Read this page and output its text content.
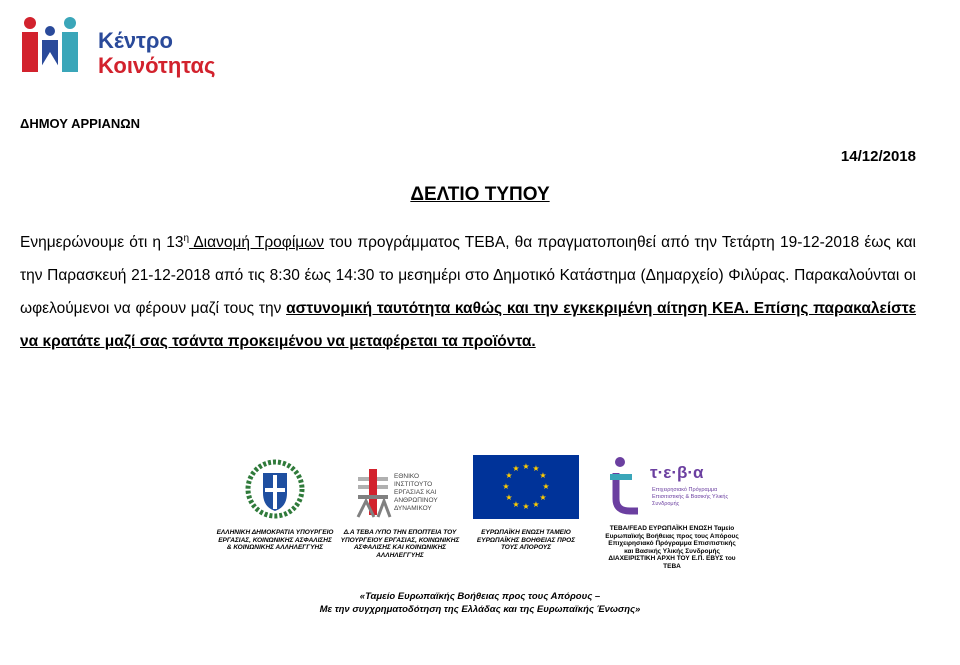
Κέντρο
Κοινότητας
ΔΗΜΟΥ ΑΡΡΙΑΝΩΝ
14/12/2018
ΔΕΛΤΙΟ ΤΥΠΟΥ
Ενημερώνουμε ότι η $13^\eta$ Διανομή Τροφίμων του προγράμματος ΤΕΒΑ, θα πραγματοποιηθεί από την Τετάρτη 19-12-2018 έως και την Παρασκευή 21-12-2018 από τις 8:30 έως 14:30 το μεσημέρι στο Δημοτικό Κατάστημα (Δημαρχείο) Φιλύρας. Παρακαλούνται οι ωφελούμενοι να φέρουν μαζί τους την αστυνομική ταυτότητα καθώς και την εγκεκριμένη αίτηση ΚΕΑ. Επίσης παρακαλείστε να κρατάτε μαζί σας τσάντα προκειμένου να μεταφέρεται τα προϊόντα.
ΕΛΛΗΝΙΚΗ ΔΗΜΟΚΡΑΤΙΑ ΥΠΟΥΡΓΕΙΟ ΕΡΓΑΣΙΑΣ, ΚΟΙΝΩΝΙΚΗΣ ΑΣΦΑΛΙΣΗΣ & ΚΟΙΝΩΝΙΚΗΣ ΑΛΛΗΛΕΓΓΥΗΣ
ΕΘΝΙΚΟ ΙΝΣΤΙΤΟΥΤΟ ΕΡΓΑΣΙΑΣ ΚΑΙ ΑΝΘΡΩΠΙΝΟΥ ΔΥΝΑΜΙΚΟΥ
Δ.Α ΤΕΒΑ /ΥΠΟ ΤΗΝ ΕΠΟΠΤΕΙΑ ΤΟΥ ΥΠΟΥΡΓΕΙΟΥ ΕΡΓΑΣΙΑΣ, ΚΟΙΝΩΝΙΚΗΣ ΑΣΦΑΛΙΣΗΣ ΚΑΙ ΚΟΙΝΩΝΙΚΗΣ ΑΛΛΗΛΕΓΓΥΗΣ
★ ★
★
★
★
★
★
★
★
★
★
★
ΕΥΡΩΠΑΪΚΗ ΕΝΩΣΗ ΤΑΜΕΙΟ ΕΥΡΩΠΑΪΚΗΣ ΒΟΗΘΕΙΑΣ ΠΡΟΣ ΤΟΥΣ ΑΠΟΡΟΥΣ
τ·ε·β·α
Επιχειρησιακό Πρόγραμμα Επισιτιστικής & Βασικής Υλικής Συνδρομής
ΤΕΒΑ/FEAD ΕΥΡΩΠΑΪΚΗ ΕΝΩΣΗ Ταμείο Ευρωπαϊκής Βοήθειας προς τους Απόρους Επιχειρησιακό Πρόγραμμα Επισιτιστικής και Βασικής Υλικής Συνδρομής ΔΙΑΧΕΙΡΙΣΤΙΚΗ ΑΡΧΗ ΤΟΥ Ε.Π. ΕΒΥΣ του ΤΕΒΑ
«Ταμείο Ευρωπαϊκής Βοήθειας προς τους Απόρους –
Με την συγχρηματοδότηση της Ελλάδας και της Ευρωπαϊκής Ένωσης»
